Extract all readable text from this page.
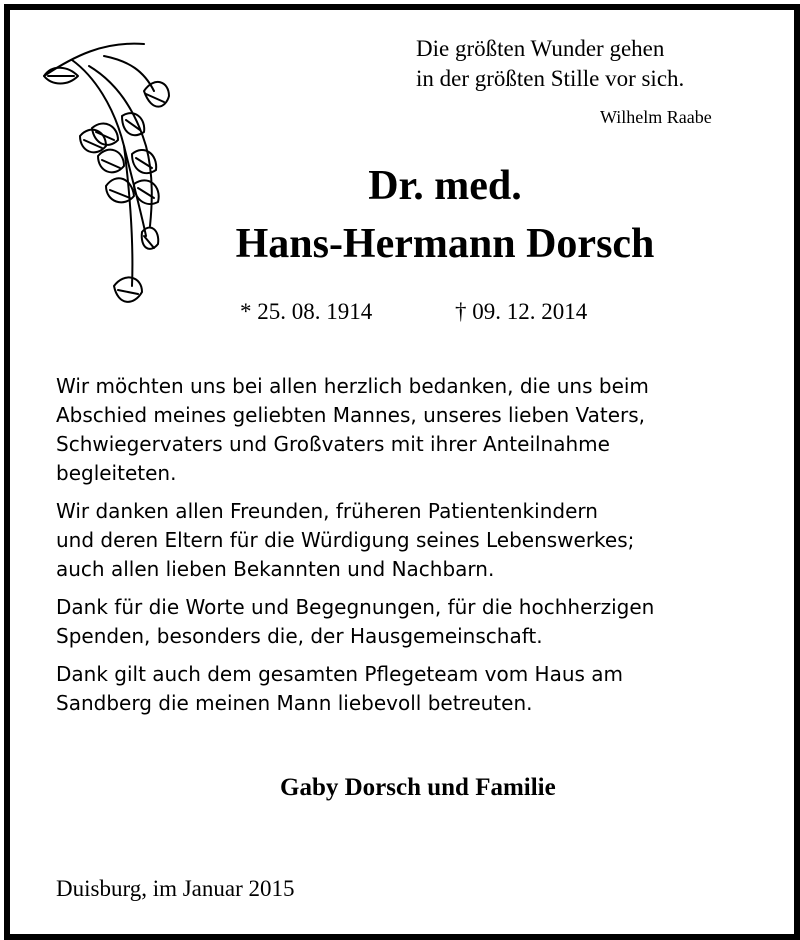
Die größten Wunder gehen
in der größten Stille vor sich.
Wilhelm Raabe
Dr. med.
Hans-Hermann Dorsch
* 25. 08. 1914	† 09. 12. 2014
Wir möchten uns bei allen herzlich bedanken, die uns beim
Abschied meines geliebten Mannes, unseres lieben Vaters,
Schwiegervaters und Großvaters mit ihrer Anteilnahme
begleiteten.
Wir danken allen Freunden, früheren Patientenkindern
und deren Eltern für die Würdigung seines Lebenswerkes;
auch allen lieben Bekannten und Nachbarn.
Dank für die Worte und Begegnungen, für die hochherzigen
Spenden, besonders die, der Hausgemeinschaft.
Dank gilt auch dem gesamten Pflegeteam vom Haus am
Sandberg die meinen Mann liebevoll betreuten.
Gaby Dorsch und Familie
Duisburg, im Januar 2015
